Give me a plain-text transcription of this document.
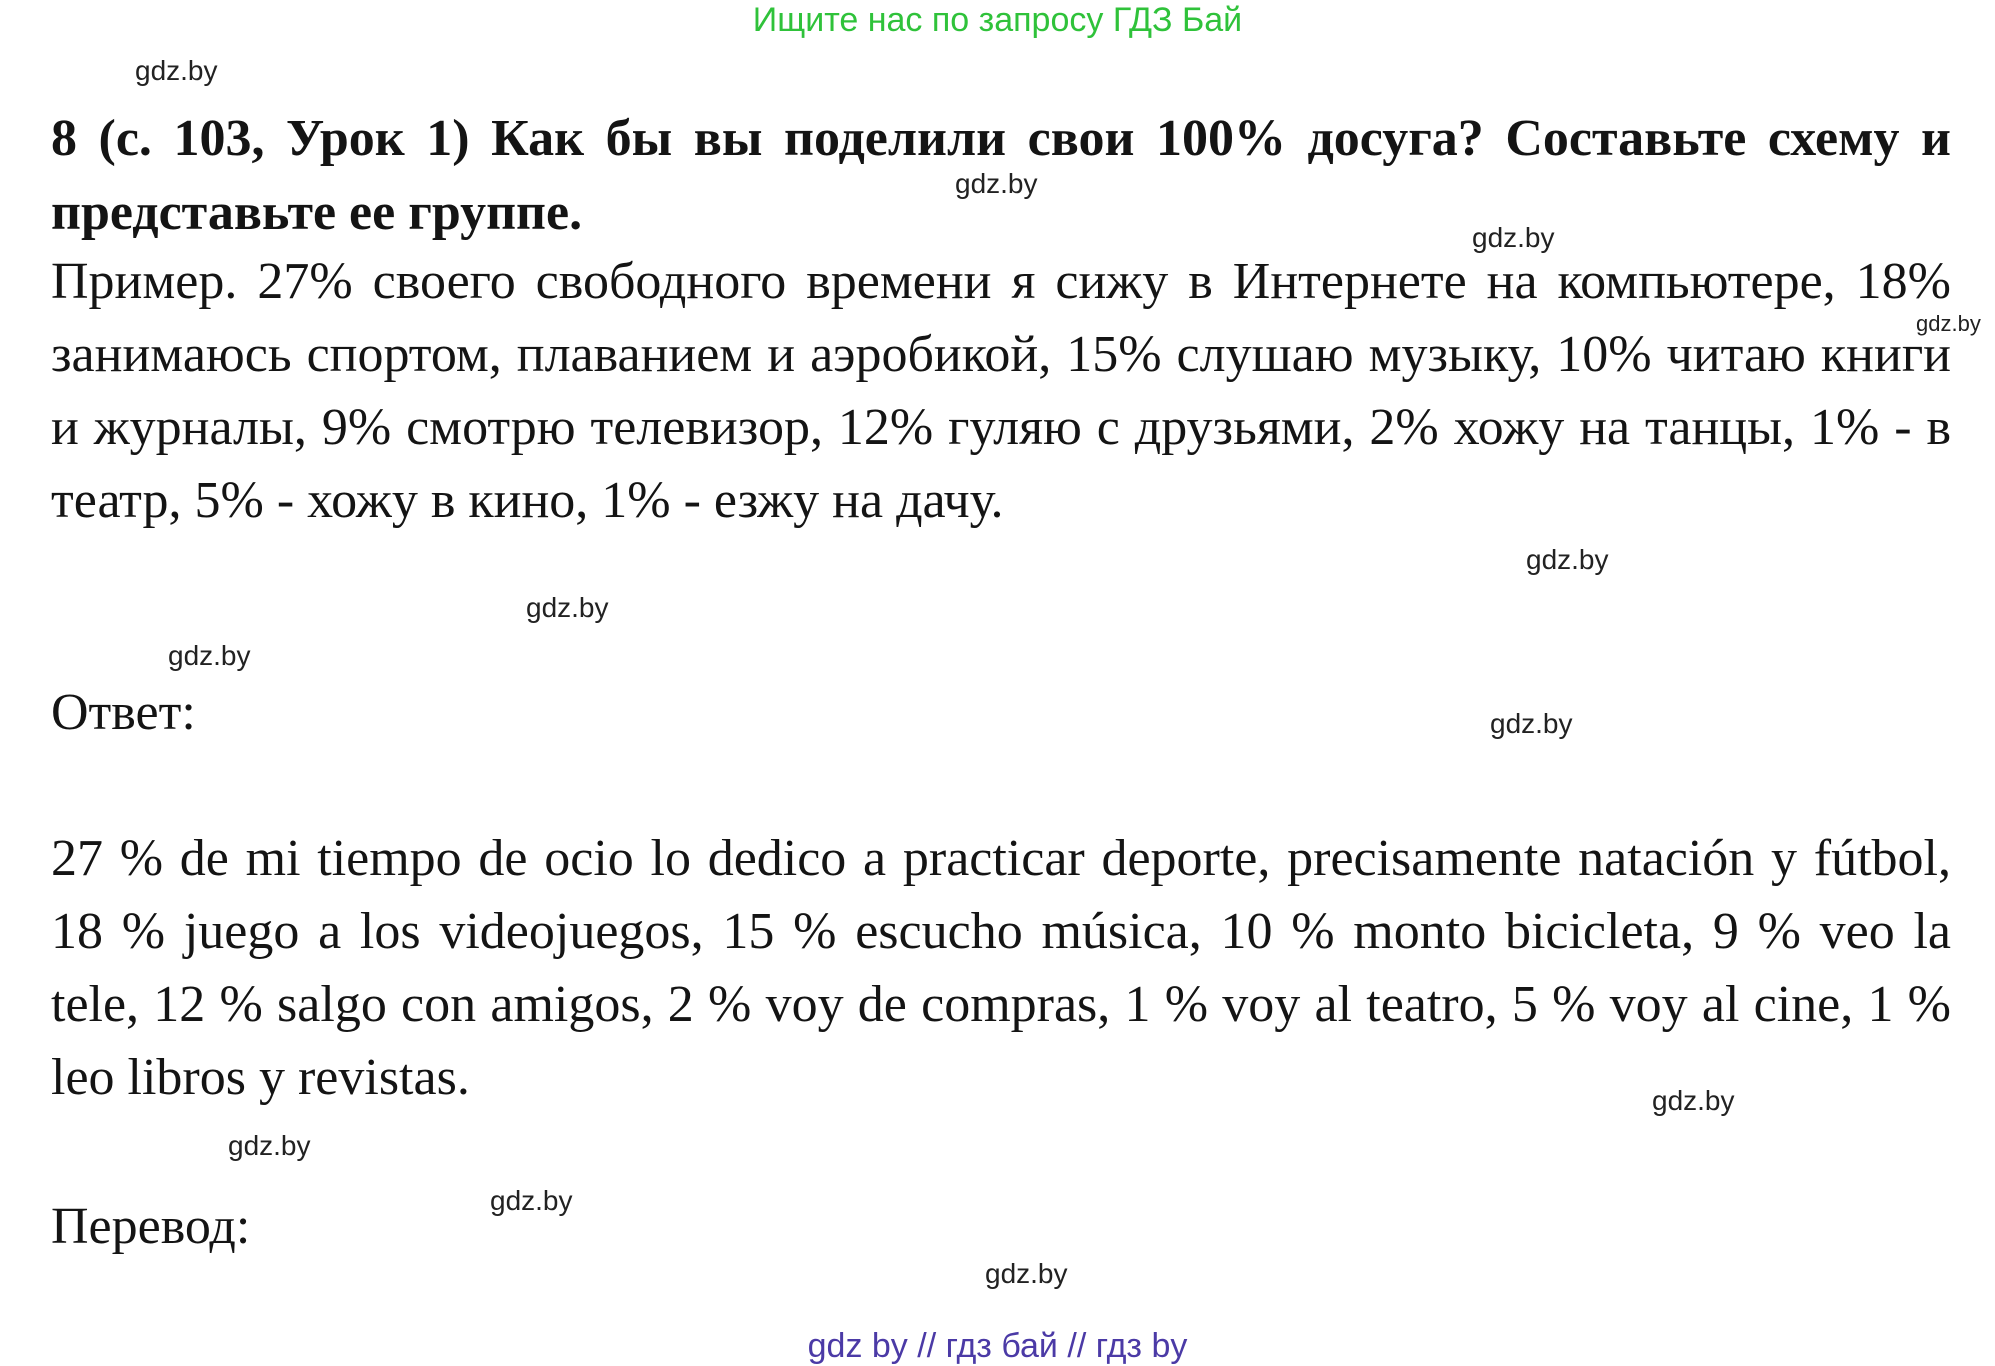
Ищите нас по запросу ГДЗ Бай

8 (с. 103, Урок 1) Как бы вы поделили свои 100% досуга? Составьте схему и представьте ее группе.

Пример. 27% своего свободного времени я сижу в Интернете на компьютере, 18% занимаюсь спортом, плаванием и аэробикой, 15% слушаю музыку, 10% читаю книги и журналы, 9% смотрю телевизор, 12% гуляю с друзьями, 2% хожу на танцы, 1% - в театр, 5% - хожу в кино, 1% - езжу на дачу.

Ответ:

27 % de mi tiempo de ocio lo dedico a practicar deporte, precisamente natación y fútbol, 18 % juego a los videojuegos, 15 % escucho música, 10 % monto bicicleta, 9 % veo la tele, 12 % salgo con amigos, 2 % voy de compras, 1 % voy al teatro, 5 % voy al cine, 1 % leo libros y revistas.

Перевод:

gdz.by
gdz.by
gdz.by
gdz.by
gdz.by
gdz.by
gdz.by
gdz.by
gdz.by
gdz.by
gdz.by
gdz.by
gdz by // гдз бай // гдз by
